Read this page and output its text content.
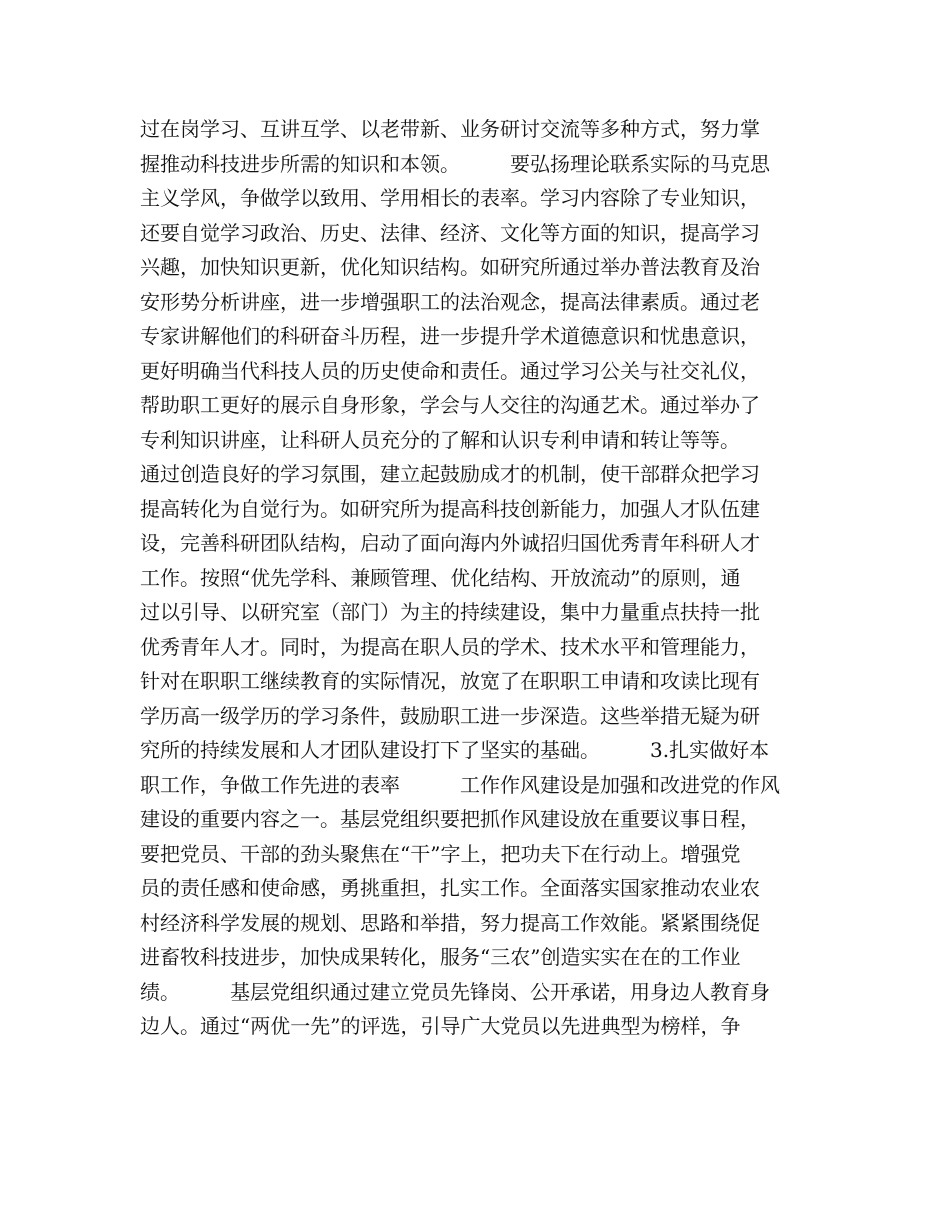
过在岗学习、互讲互学、以老带新、业务研讨交流等多种方式，努力掌
握推动科技进步所需的知识和本领。　　　要弘扬理论联系实际的马克思
主义学风，争做学以致用、学用相长的表率。学习内容除了专业知识，
还要自觉学习政治、历史、法律、经济、文化等方面的知识，提高学习
兴趣，加快知识更新，优化知识结构。如研究所通过举办普法教育及治
安形势分析讲座，进一步增强职工的法治观念，提高法律素质。通过老
专家讲解他们的科研奋斗历程，进一步提升学术道德意识和忧患意识，
更好明确当代科技人员的历史使命和责任。通过学习公关与社交礼仪，
帮助职工更好的展示自身形象，学会与人交往的沟通艺术。通过举办了
专利知识讲座，让科研人员充分的了解和认识专利申请和转让等等。
通过创造良好的学习氛围，建立起鼓励成才的机制，使干部群众把学习
提高转化为自觉行为。如研究所为提高科技创新能力，加强人才队伍建
设，完善科研团队结构，启动了面向海内外诚招归国优秀青年科研人才
工作。按照“优先学科、兼顾管理、优化结构、开放流动”的原则，通
过以引导、以研究室（部门）为主的持续建设，集中力量重点扶持一批
优秀青年人才。同时，为提高在职人员的学术、技术水平和管理能力，
针对在职职工继续教育的实际情况，放宽了在职职工申请和攻读比现有
学历高一级学历的学习条件，鼓励职工进一步深造。这些举措无疑为研
究所的持续发展和人才团队建设打下了坚实的基础。　　　3.扎实做好本
职工作，争做工作先进的表率　　　工作作风建设是加强和改进党的作风
建设的重要内容之一。基层党组织要把抓作风建设放在重要议事日程，
要把党员、干部的劲头聚焦在“干”字上，把功夫下在行动上。增强党
员的责任感和使命感，勇挑重担，扎实工作。全面落实国家推动农业农
村经济科学发展的规划、思路和举措，努力提高工作效能。紧紧围绕促
进畜牧科技进步，加快成果转化，服务“三农”创造实实在在的工作业
绩。　　　基层党组织通过建立党员先锋岗、公开承诺，用身边人教育身
边人。通过“两优一先”的评选，引导广大党员以先进典型为榜样，争
